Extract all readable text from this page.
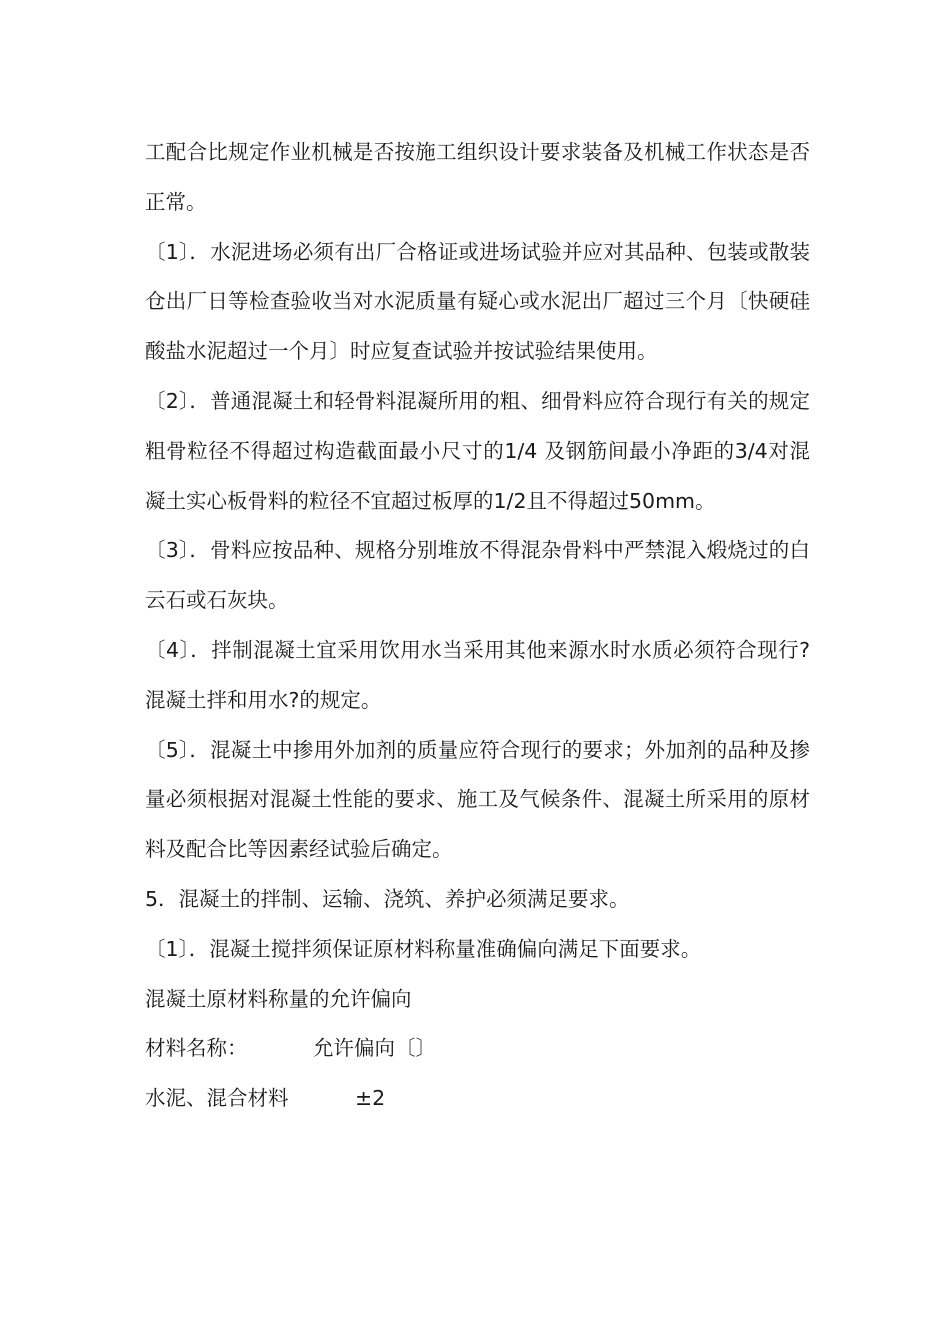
工配合比规定作业机械是否按施工组织设计要求装备及机械工作状态是否正常。

〔1〕．水泥进场必须有出厂合格证或进场试验并应对其品种、包装或散装仓出厂日等检查验收当对水泥质量有疑心或水泥出厂超过三个月〔快硬硅酸盐水泥超过一个月〕时应复查试验并按试验结果使用。

〔2〕．普通混凝土和轻骨料混凝所用的粗、细骨料应符合现行有关的规定粗骨粒径不得超过构造截面最小尺寸的1/4 及钢筋间最小净距的3/4对混凝土实心板骨料的粒径不宜超过板厚的1/2且不得超过50mm。

〔3〕．骨料应按品种、规格分别堆放不得混杂骨料中严禁混入煅烧过的白云石或石灰块。

〔4〕．拌制混凝土宜采用饮用水当采用其他来源水时水质必须符合现行?混凝土拌和用水?的规定。

〔5〕．混凝土中掺用外加剂的质量应符合现行的要求；外加剂的品种及掺量必须根据对混凝土性能的要求、施工及气候条件、混凝土所采用的原材料及配合比等因素经试验后确定。

5．混凝土的拌制、运输、浇筑、养护必须满足要求。

〔1〕．混凝土搅拌须保证原材料称量准确偏向满足下面要求。

混凝土原材料称量的允许偏向

材料名称：	允许偏向〔〕
水泥、混合材料	±2
